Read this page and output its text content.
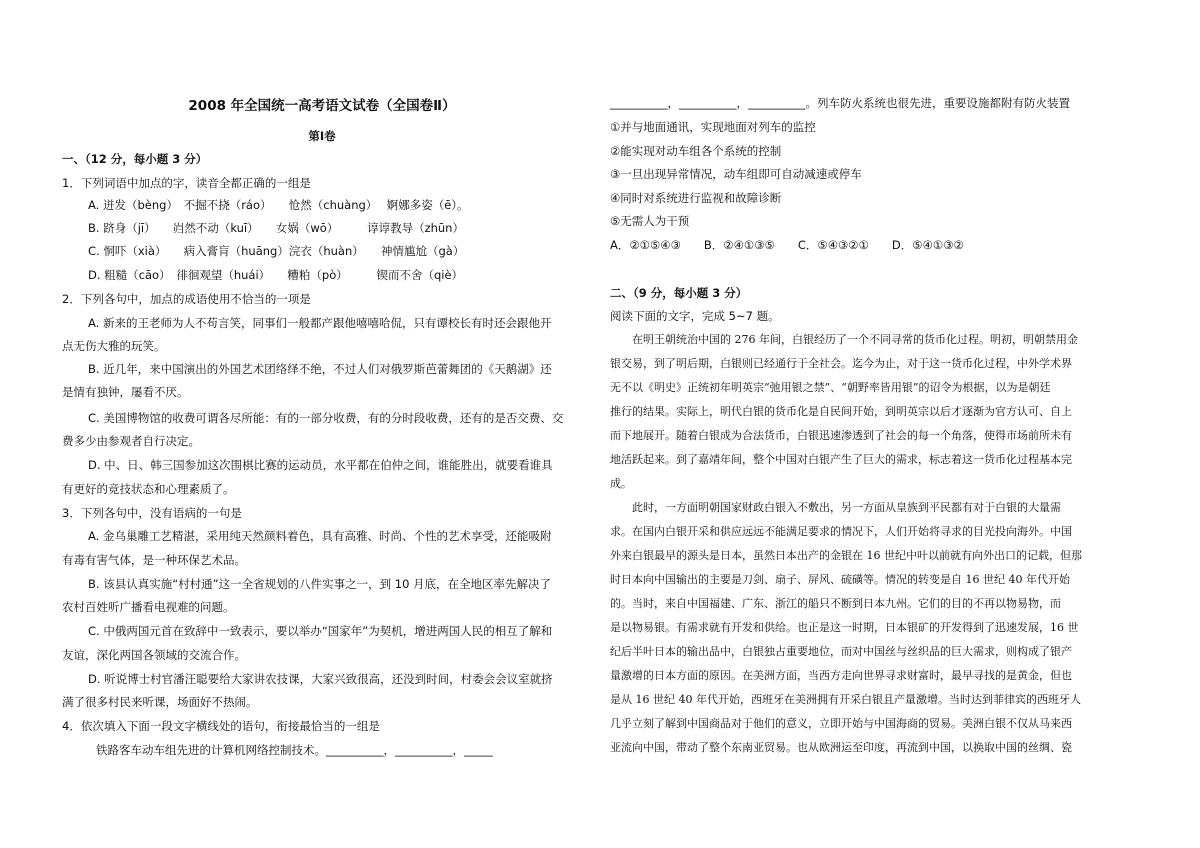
2008 年全国统一高考语文试卷（全国卷Ⅱ）
第Ⅰ卷
一、（12 分，每小题 3 分）
1．下列词语中加点的字，读音全都正确的一组是
A. 迸发（bèng）　不掘不挠（ráo）　　怆然（chuàng）　 婀娜多姿（ē）。
B. 跻身（jī）　　岿然不动（kuī）　　女娲（wō）　　　谆谆教导（zhūn）
C. 恫吓（xià）　　病入膏肓（huāng）浣衣（huàn）　　神情尴尬（gà）
D. 粗糙（cāo）　徘徊观望（huái）　　糟粕（pò）　　　锲而不舍（qiè）
2．下列各句中，加点的成语使用不恰当的一项是
A. 新来的王老师为人不苟言笑，同事们一般都产跟他嘻嘻哈侃，只有谭校长有时还会跟他开
点无伤大雅的玩笑。
B. 近几年，来中国演出的外国艺术团络绎不绝，不过人们对俄罗斯芭蕾舞团的《天鹅湖》还
是情有独钟，屡看不厌。
C. 美国博物馆的收费可谓各尽所能：有的一部分收费，有的分时段收费，还有的是否交费、交
费多少由参观者自行决定。
D. 中、日、韩三国参加这次围棋比赛的运动员，水平都在伯仲之间，谁能胜出，就要看谁具
有更好的竞技状态和心理素质了。
3．下列各句中，没有语病的一句是
A. 金乌巢雕工艺精湛，采用纯天然颜料着色，具有高雅、时尚、个性的艺术享受，还能吸附
有毒有害气体，是一种环保艺术品。
B. 该县认真实施“村村通”这一全省规划的八件实事之一，到 10 月底，在全地区率先解决了
农村百姓听广播看电视难的问题。
C. 中俄两国元首在致辞中一致表示，要以举办“国家年”为契机，增进两国人民的相互了解和
友谊，深化两国各领域的交流合作。
D. 听说博士村官潘汪聪要给大家讲农技课，大家兴致很高，还没到时间，村委会会议室就挤
满了很多村民来听课，场面好不热闹。
4．依次填入下面一段文字横线处的语句，衔接最恰当的一组是
铁路客车动车组先进的计算机网络控制技术。__________，__________，_____
__________，__________，__________。列车防火系统也很先进，重要设施都附有防火装置
①并与地面通讯，实现地面对列车的监控
②能实现对动车组各个系统的控制
③一旦出现异常情况，动车组即可自动减速或停车
④同时对系统进行监视和故障诊断
⑤无需人为干预
A．②①⑤④③　　B．②④①③⑤　　C．⑤④③②①　　D．⑤④①③②
二、（9 分，每小题 3 分）
阅读下面的文字，完成 5~7 题。
　　在明王朝统治中国的 276 年间，白银经历了一个不同寻常的货币化过程。明初，明朝禁用金
银交易，到了明后期，白银则已经通行于全社会。迄今为止，对于这一货币化过程，中外学术界
无不以《明史》正统初年明英宗“弛用银之禁”、“朝野率皆用银”的诏令为根据，以为是朝廷
推行的结果。实际上，明代白银的货币化是自民间开始，到明英宗以后才逐渐为官方认可、自上
而下地展开。随着白银成为合法货币，白银迅速渗透到了社会的每一个角落，使得市场前所未有
地活跃起来。到了嘉靖年间，整个中国对白银产生了巨大的需求，标志着这一货币化过程基本完
成。
　　此时，一方面明朝国家财政白银入不敷出，另一方面从皇族到平民都有对于白银的大量需
求。在国内白银开采和供应远远不能满足要求的情况下，人们开始将寻求的目光投向海外。中国
外来白银最早的源头是日本，虽然日本出产的金银在 16 世纪中叶以前就有向外出口的记载，但那
时日本向中国输出的主要是刀剑、扇子、屏风、硫磺等。情况的转变是自 16 世纪 40 年代开始
的。当时，来自中国福建、广东、浙江的船只不断到日本九州。它们的目的不再以物易物，而
是以物易银。有需求就有开发和供给。也正是这一时期，日本银矿的开发得到了迅速发展，16 世
纪后半叶日本的输出品中，白银独占重要地位，而对中国丝与丝织品的巨大需求，则构成了银产
量激增的日本方面的原因。在美洲方面，当西方走向世界寻求财富时，最早寻找的是黄金，但也
是从 16 世纪 40 年代开始，西班牙在美洲拥有开采白银且产量激增。当时达到菲律宾的西班牙人
几乎立刻了解到中国商品对于他们的意义，立即开始与中国海商的贸易。美洲白银不仅从马来西
亚流向中国，带动了整个东南亚贸易。也从欧洲运至印度，再流到中国，以换取中国的丝绸、瓷
